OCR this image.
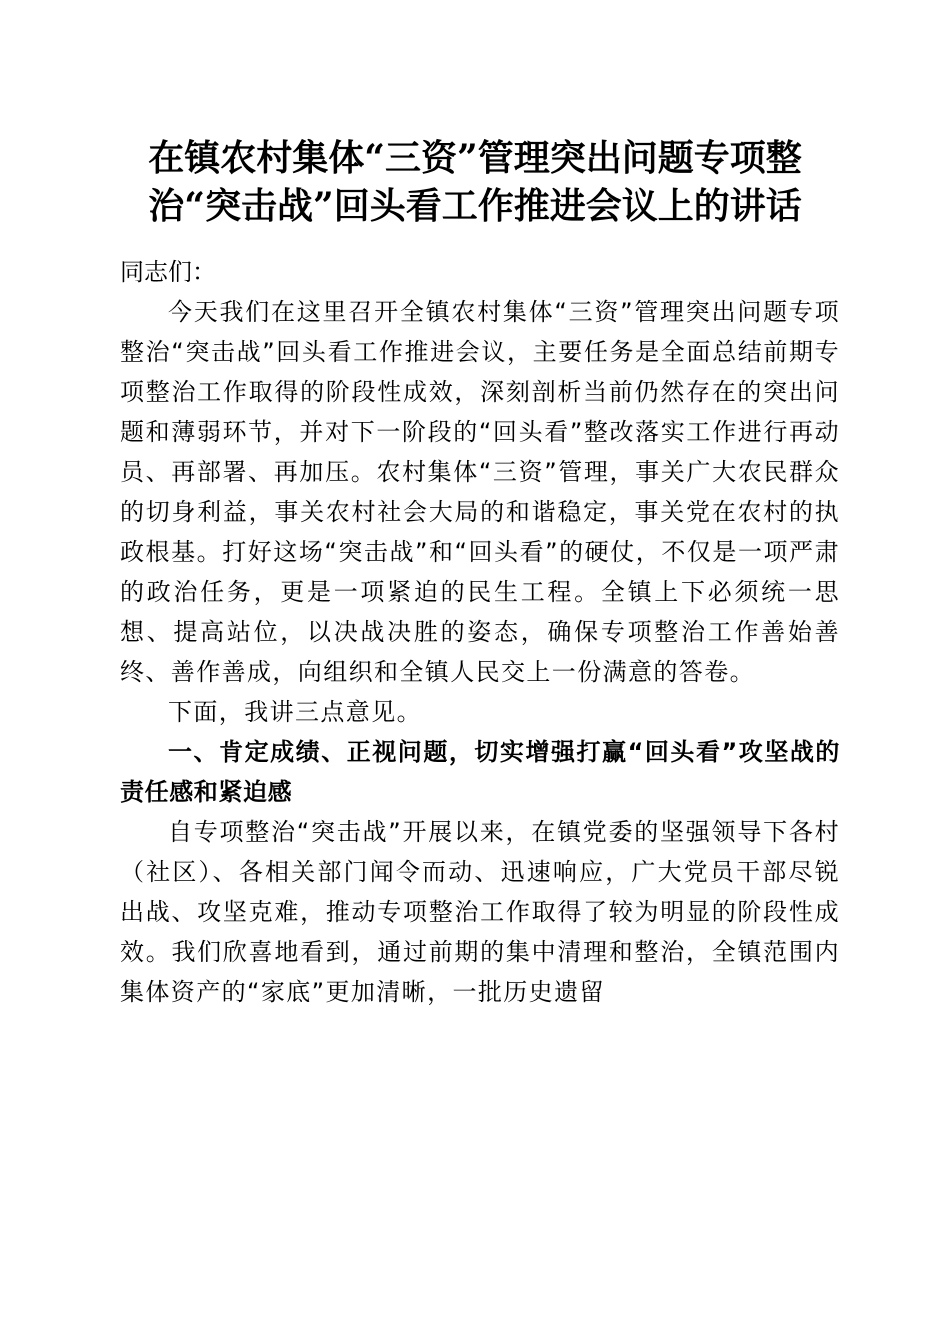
在镇农村集体“三资”管理突出问题专项整
治“突击战”回头看工作推进会议上的讲话

同志们：

今天我们在这里召开全镇农村集体“三资”管理突出问题专项整治“突击战”回头看工作推进会议，主要任务是全面总结前期专项整治工作取得的阶段性成效，深刻剖析当前仍然存在的突出问题和薄弱环节，并对下一阶段的“回头看”整改落实工作进行再动员、再部署、再加压。农村集体“三资”管理，事关广大农民群众的切身利益，事关农村社会大局的和谐稳定，事关党在农村的执政根基。打好这场“突击战”和“回头看”的硬仗，不仅是一项严肃的政治任务，更是一项紧迫的民生工程。全镇上下必须统一思想、提高站位，以决战决胜的姿态，确保专项整治工作善始善终、善作善成，向组织和全镇人民交上一份满意的答卷。

下面，我讲三点意见。

一、肯定成绩、正视问题，切实增强打赢“回头看”攻坚战的责任感和紧迫感

自专项整治“突击战”开展以来，在镇党委的坚强领导下各村（社区）、各相关部门闻令而动、迅速响应，广大党员干部尽锐出战、攻坚克难，推动专项整治工作取得了较为明显的阶段性成效。我们欣喜地看到，通过前期的集中清理和整治，全镇范围内集体资产的“家底”更加清晰，一批历史遗留
